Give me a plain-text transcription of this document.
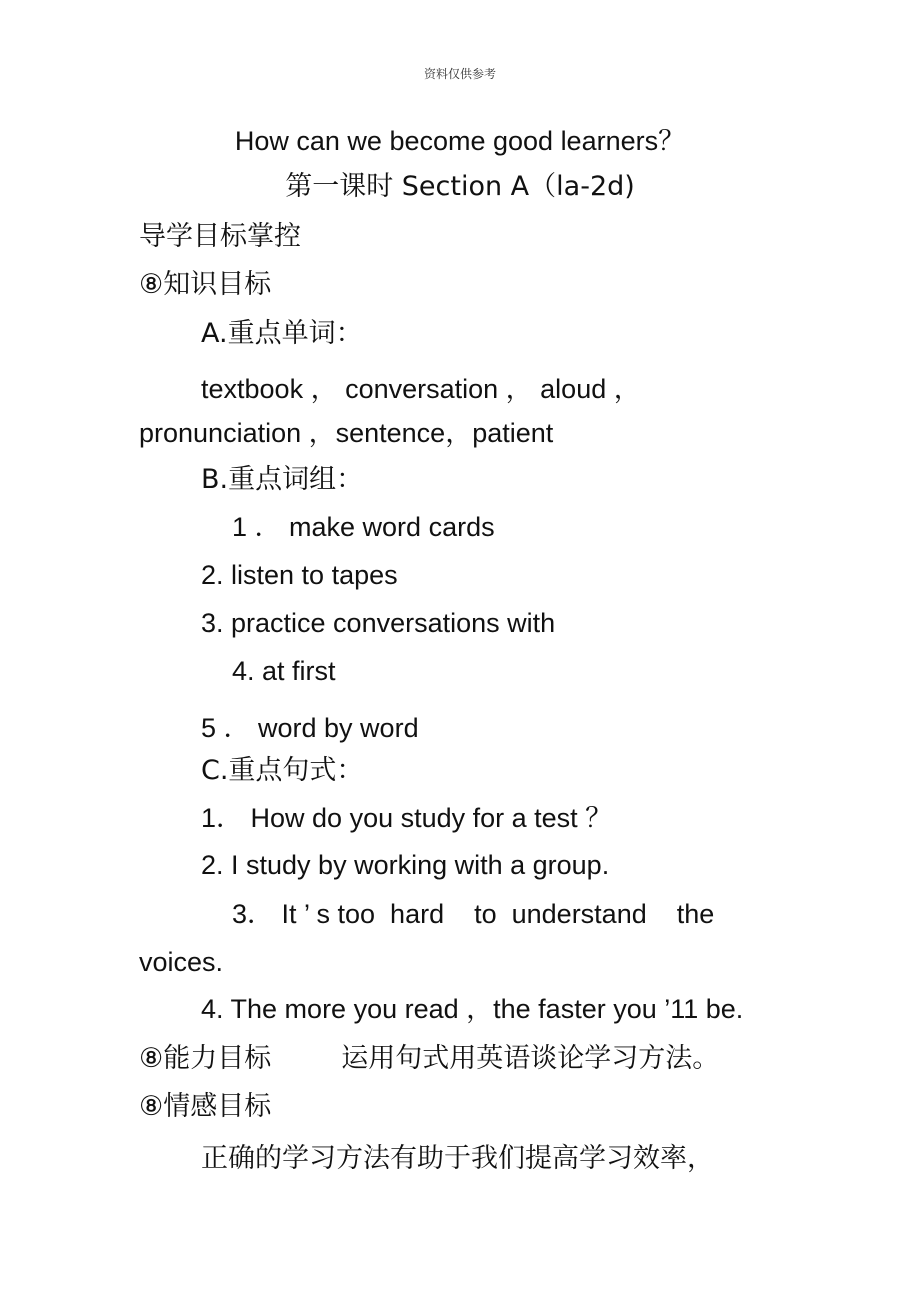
资料仅供参考
How can we become good learners？
第一课时 Section A（la-2d)
导学目标掌控
⑧知识目标
A.重点单词：
textbook ， conversation ， aloud ，
pronunciation ，sentence，patient
B.重点词组：
1 ． make word cards
2. listen to tapes
3. practice conversations with
4. at first
5 ． word by word
C.重点句式：
1． How do you study for a test ？
2. I study by working with a group.
3． It ’ s too  hard    to  understand    the
voices.
4. The more you read ，the faster you ’11 be.
⑧能力目标	运用句式用英语谈论学习方法。
⑧情感目标
正确的学习方法有助于我们提高学习效率，
